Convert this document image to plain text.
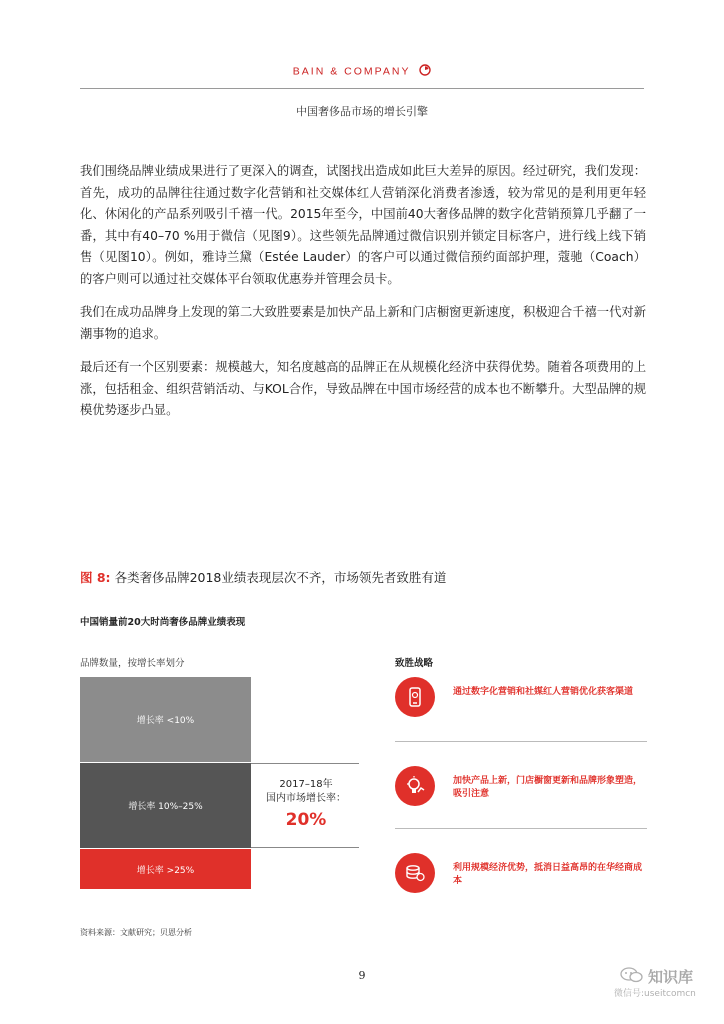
BAIN & COMPANY
中国奢侈品市场的增长引擎
我们围绕品牌业绩成果进行了更深入的调查，试图找出造成如此巨大差异的原因。经过研究，我们发现：首先，成功的品牌往往通过数字化营销和社交媒体红人营销深化消费者渗透，较为常见的是利用更年轻化、休闲化的产品系列吸引千禧一代。2015年至今，中国前40大奢侈品牌的数字化营销预算几乎翻了一番，其中有40–70 %用于微信（见图9）。这些领先品牌通过微信识别并锁定目标客户，进行线上线下销售（见图10）。例如，雅诗兰黛（Estée Lauder）的客户可以通过微信预约面部护理，蔻驰（Coach）的客户则可以通过社交媒体平台领取优惠券并管理会员卡。
我们在成功品牌身上发现的第二大致胜要素是加快产品上新和门店橱窗更新速度，积极迎合千禧一代对新潮事物的追求。
最后还有一个区别要素：规模越大，知名度越高的品牌正在从规模化经济中获得优势。随着各项费用的上涨，包括租金、组织营销活动、与KOL合作，导致品牌在中国市场经营的成本也不断攀升。大型品牌的规模优势逐步凸显。
图 8: 各类奢侈品牌2018业绩表现层次不齐，市场领先者致胜有道
中国销量前20大时尚奢侈品牌业绩表现
品牌数量，按增长率划分	致胜战略
增长率 <10%
增长率 10%–25%
增长率 >25%
2017–18年
国内市场增长率：
20%
通过数字化营销和社媒红人营销优化获客渠道
加快产品上新，门店橱窗更新和品牌形象塑造，吸引注意
利用规模经济优势，抵消日益高昂的在华经商成本
资料来源：文献研究；贝恩分析
9	知识库
微信号:useitcomcn
